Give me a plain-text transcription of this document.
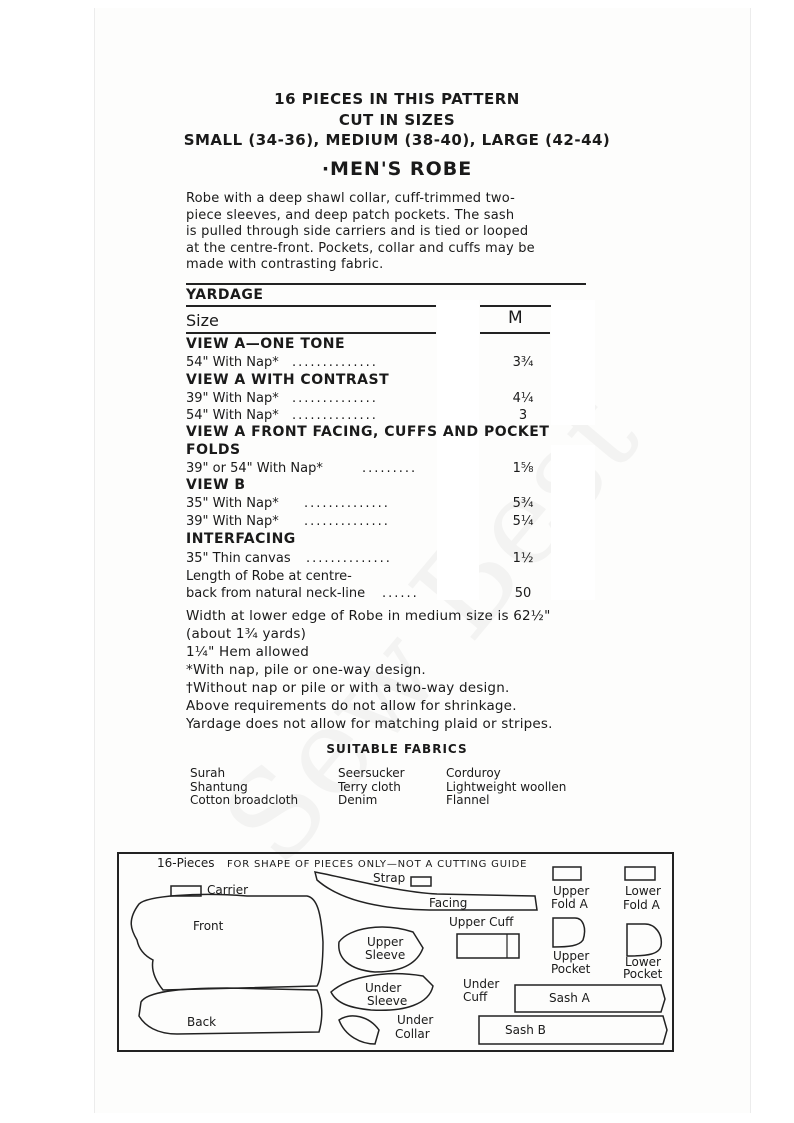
16 PIECES IN THIS PATTERN
CUT IN SIZES
SMALL (34-36), MEDIUM (38-40), LARGE (42-44)
·MEN'S ROBE
Robe with a deep shawl collar, cuff-trimmed two-
piece sleeves, and deep patch pockets. The sash
is pulled through side carriers and is tied or looped
at the centre-front. Pockets, collar and cuffs may be
made with contrasting fabric.
YARDAGE
Size	M
VIEW A—ONE TONE
54" With Nap* ..............	3¾
VIEW A WITH CONTRAST
39" With Nap* ..............	4¼
54" With Nap* ..............	3
VIEW A FRONT FACING, CUFFS AND POCKET
FOLDS
39" or 54" With Nap*	.........	1⅝
VIEW B
35" With Nap* ..............	5¾
39" With Nap* ..............	5¼
INTERFACING
35" Thin canvas ..............	1½
Length of Robe at centre-
back from natural neck-line ......	50
Width at lower edge of Robe in medium size is 62½"
(about 1¾ yards)
1¼" Hem allowed
*With nap, pile or one-way design.
†Without nap or pile or with a two-way design.
Above requirements do not allow for shrinkage.
Yardage does not allow for matching plaid or stripes.
SUITABLE FABRICS
Surah
Shantung
Cotton broadcloth
Seersucker
Terry cloth
Denim
Corduroy
Lightweight woollen
Flannel
16-Pieces FOR SHAPE OF PIECES ONLY—NOT A CUTTING GUIDE
Carrier
Strap
Facing
Upper
Fold A
Lower
Fold A
Front
Upper
Sleeve
Upper Cuff
Upper
Pocket	Lower
Pocket
Under
Sleeve
Under
Cuff	Sash A
Back	Under
Collar	Sash B
